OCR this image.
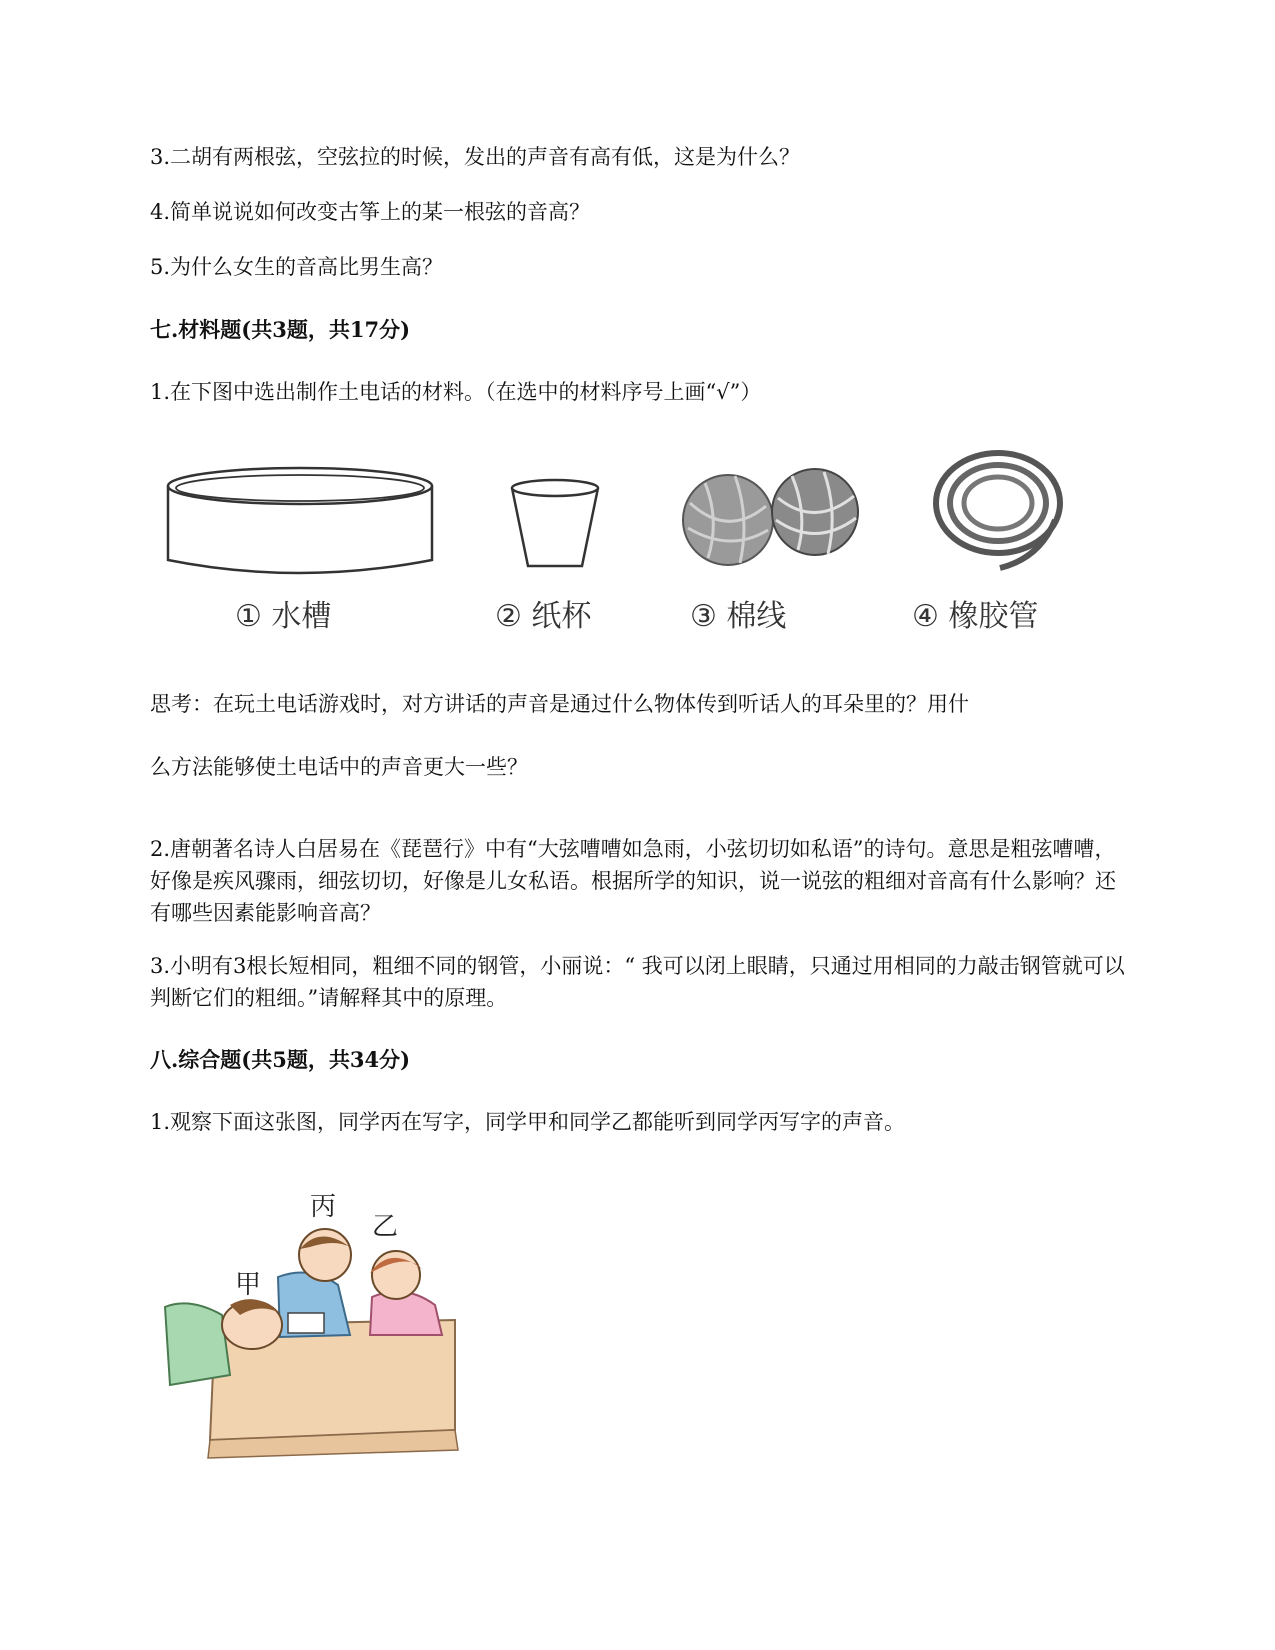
3.二胡有两根弦，空弦拉的时候，发出的声音有高有低，这是为什么？
4.简单说说如何改变古筝上的某一根弦的音高？
5.为什么女生的音高比男生高？
七.材料题(共3题，共17分)
1.在下图中选出制作土电话的材料。（在选中的材料序号上画“√”）
① 水槽	② 纸杯	③ 棉线	④ 橡胶管
思考：在玩土电话游戏时，对方讲话的声音是通过什么物体传到听话人的耳朵里的？用什
么方法能够使土电话中的声音更大一些？
2.唐朝著名诗人白居易在《琵琶行》中有“大弦嘈嘈如急雨，小弦切切如私语”的诗句。意思是粗弦嘈嘈，好像是疾风骤雨，细弦切切，好像是儿女私语。根据所学的知识，说一说弦的粗细对音高有什么影响？还有哪些因素能影响音高？
3.小明有3根长短相同，粗细不同的钢管，小丽说：“ 我可以闭上眼睛，只通过用相同的力敲击钢管就可以判断它们的粗细。”请解释其中的原理。
八.综合题(共5题，共34分)
1.观察下面这张图，同学丙在写字，同学甲和同学乙都能听到同学丙写字的声音。
丙
乙
甲
